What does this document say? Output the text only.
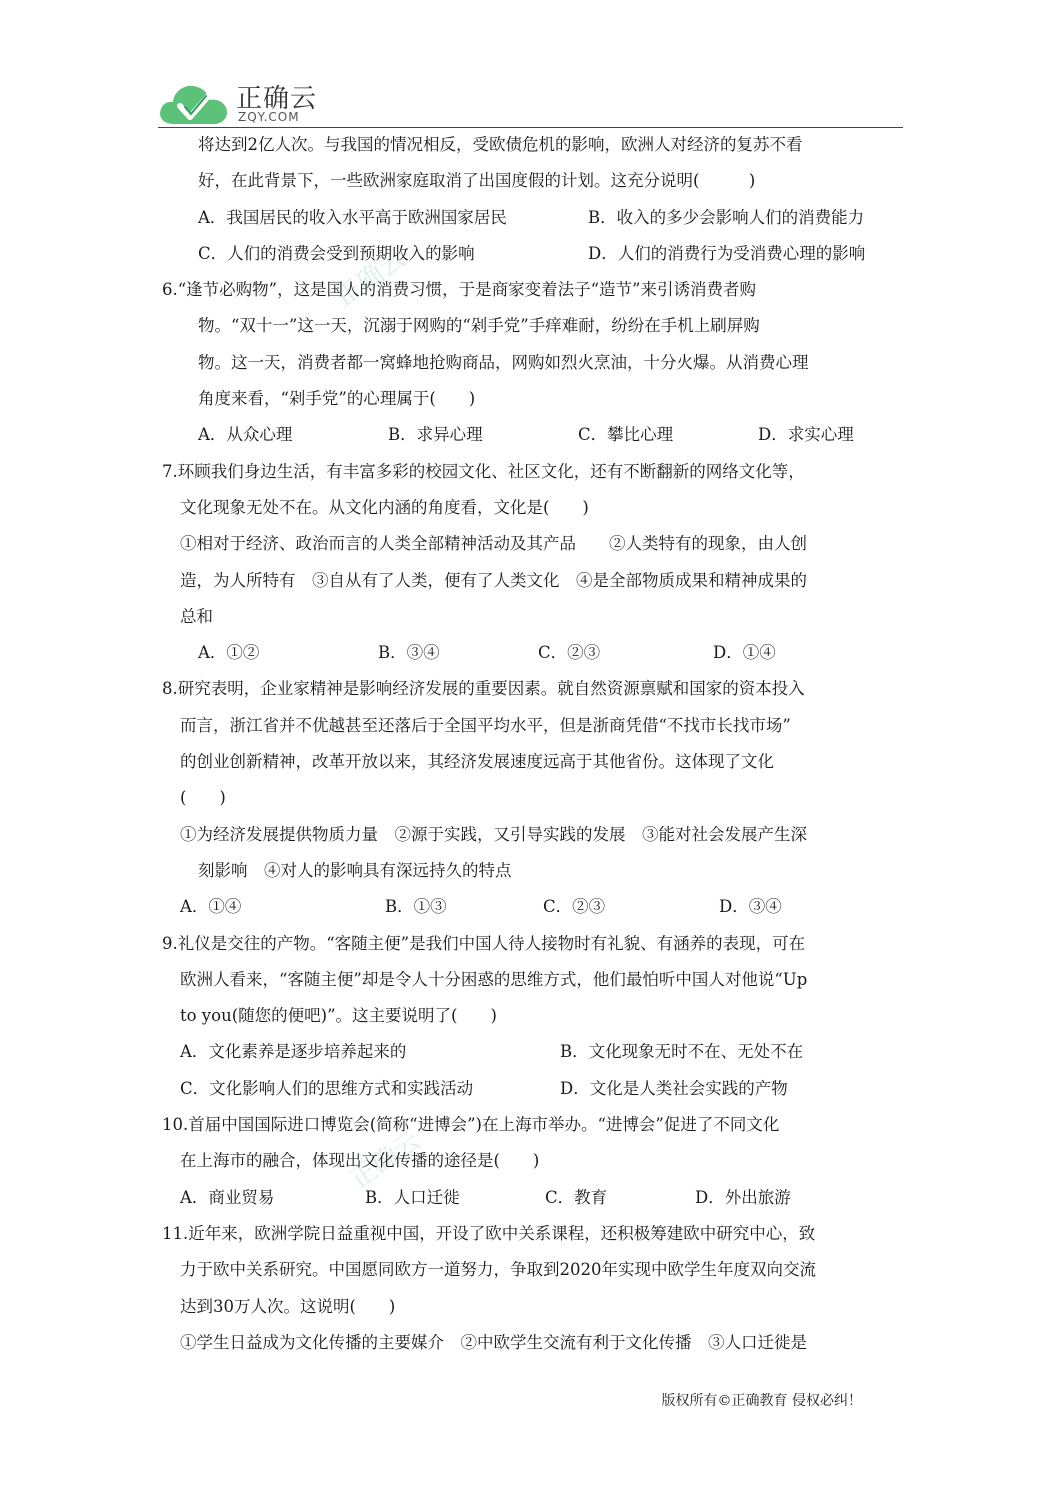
正确云
ZQY.COM
正确云
正确云
将达到2亿人次。与我国的情况相反，受欧债危机的影响，欧洲人对经济的复苏不看
好，在此背景下，一些欧洲家庭取消了出国度假的计划。这充分说明(　　　)
A．我国居民的收入水平高于欧洲国家居民	B．收入的多少会影响人们的消费能力
C．人们的消费会受到预期收入的影响	D．人们的消费行为受消费心理的影响
6.“逢节必购物”，这是国人的消费习惯，于是商家变着法子“造节”来引诱消费者购
物。“双十一”这一天，沉溺于网购的“剁手党”手痒难耐，纷纷在手机上刷屏购
物。这一天，消费者都一窝蜂地抢购商品，网购如烈火烹油，十分火爆。从消费心理
角度来看，“剁手党”的心理属于(　　)
A．从众心理	B．求异心理	C．攀比心理	D．求实心理
7.环顾我们身边生活，有丰富多彩的校园文化、社区文化，还有不断翻新的网络文化等，
文化现象无处不在。从文化内涵的角度看，文化是(　　)
①相对于经济、政治而言的人类全部精神活动及其产品　　②人类特有的现象，由人创
造，为人所特有　③自从有了人类，便有了人类文化　④是全部物质成果和精神成果的
总和
A．①②	B．③④	C．②③	D．①④
8.研究表明，企业家精神是影响经济发展的重要因素。就自然资源禀赋和国家的资本投入
而言，浙江省并不优越甚至还落后于全国平均水平，但是浙商凭借“不找市长找市场”
的创业创新精神，改革开放以来，其经济发展速度远高于其他省份。这体现了文化
(　　)
①为经济发展提供物质力量　②源于实践，又引导实践的发展　③能对社会发展产生深
刻影响　④对人的影响具有深远持久的特点
A．①④	B．①③	C．②③	D．③④
9.礼仪是交往的产物。“客随主便”是我们中国人待人接物时有礼貌、有涵养的表现，可在
欧洲人看来，“客随主便”却是令人十分困惑的思维方式，他们最怕听中国人对他说“Up
to you(随您的便吧)”。这主要说明了(　　)
A．文化素养是逐步培养起来的	B．文化现象无时不在、无处不在
C．文化影响人们的思维方式和实践活动	D．文化是人类社会实践的产物
10.首届中国国际进口博览会(简称“进博会”)在上海市举办。“进博会”促进了不同文化
在上海市的融合，体现出文化传播的途径是(　　)
A．商业贸易	B．人口迁徙	C．教育	D．外出旅游
11.近年来，欧洲学院日益重视中国，开设了欧中关系课程，还积极筹建欧中研究中心，致
力于欧中关系研究。中国愿同欧方一道努力，争取到2020年实现中欧学生年度双向交流
达到30万人次。这说明(　　)
①学生日益成为文化传播的主要媒介　②中欧学生交流有利于文化传播　③人口迁徙是
版权所有©正确教育 侵权必纠！
